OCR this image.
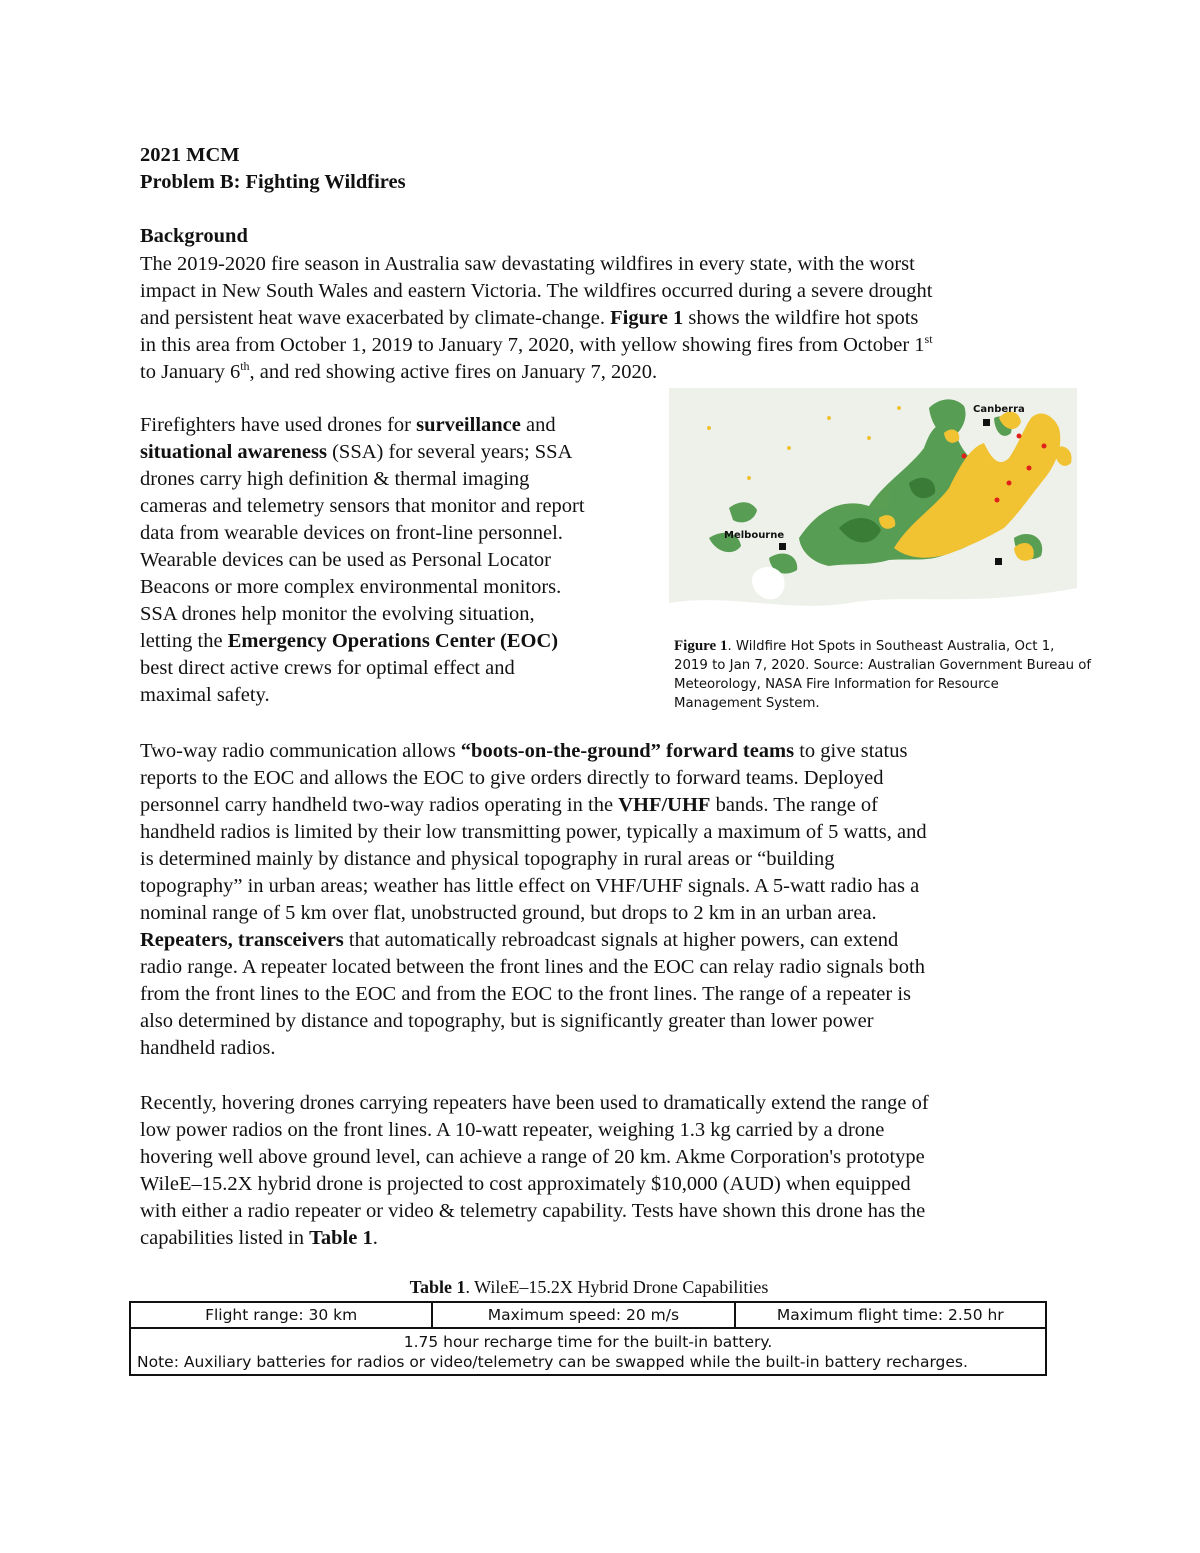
2021 MCM
Problem B: Fighting Wildfires
Background
The 2019-2020 fire season in Australia saw devastating wildfires in every state, with the worst
impact in New South Wales and eastern Victoria. The wildfires occurred during a severe drought
and persistent heat wave exacerbated by climate-change. Figure 1 shows the wildfire hot spots
in this area from October 1, 2019 to January 7, 2020, with yellow showing fires from October 1st
to January 6th, and red showing active fires on January 7, 2020.
Firefighters have used drones for surveillance and
situational awareness (SSA) for several years; SSA
drones carry high definition & thermal imaging
cameras and telemetry sensors that monitor and report
data from wearable devices on front-line personnel.
Wearable devices can be used as Personal Locator
Beacons or more complex environmental monitors.
SSA drones help monitor the evolving situation,
letting the Emergency Operations Center (EOC)
best direct active crews for optimal effect and
maximal safety.
Canberra
Melbourne
Figure 1. Wildfire Hot Spots in Southeast Australia, Oct 1,
2019 to Jan 7, 2020. Source: Australian Government Bureau of
Meteorology, NASA Fire Information for Resource
Management System.
Two-way radio communication allows “boots-on-the-ground” forward teams to give status
reports to the EOC and allows the EOC to give orders directly to forward teams. Deployed
personnel carry handheld two-way radios operating in the VHF/UHF bands. The range of
handheld radios is limited by their low transmitting power, typically a maximum of 5 watts, and
is determined mainly by distance and physical topography in rural areas or “building
topography” in urban areas; weather has little effect on VHF/UHF signals. A 5-watt radio has a
nominal range of 5 km over flat, unobstructed ground, but drops to 2 km in an urban area.
Repeaters, transceivers that automatically rebroadcast signals at higher powers, can extend
radio range. A repeater located between the front lines and the EOC can relay radio signals both
from the front lines to the EOC and from the EOC to the front lines. The range of a repeater is
also determined by distance and topography, but is significantly greater than lower power
handheld radios.
Recently, hovering drones carrying repeaters have been used to dramatically extend the range of
low power radios on the front lines. A 10-watt repeater, weighing 1.3 kg carried by a drone
hovering well above ground level, can achieve a range of 20 km. Akme Corporation's prototype
WileE–15.2X hybrid drone is projected to cost approximately $10,000 (AUD) when equipped
with either a radio repeater or video & telemetry capability. Tests have shown this drone has the
capabilities listed in Table 1.
Table 1. WileE–15.2X Hybrid Drone Capabilities
Flight range: 30 km	Maximum speed: 20 m/s	Maximum flight time: 2.50 hr

1.75 hour recharge time for the built-in battery.
Note: Auxiliary batteries for radios or video/telemetry can be swapped while the built-in battery recharges.
